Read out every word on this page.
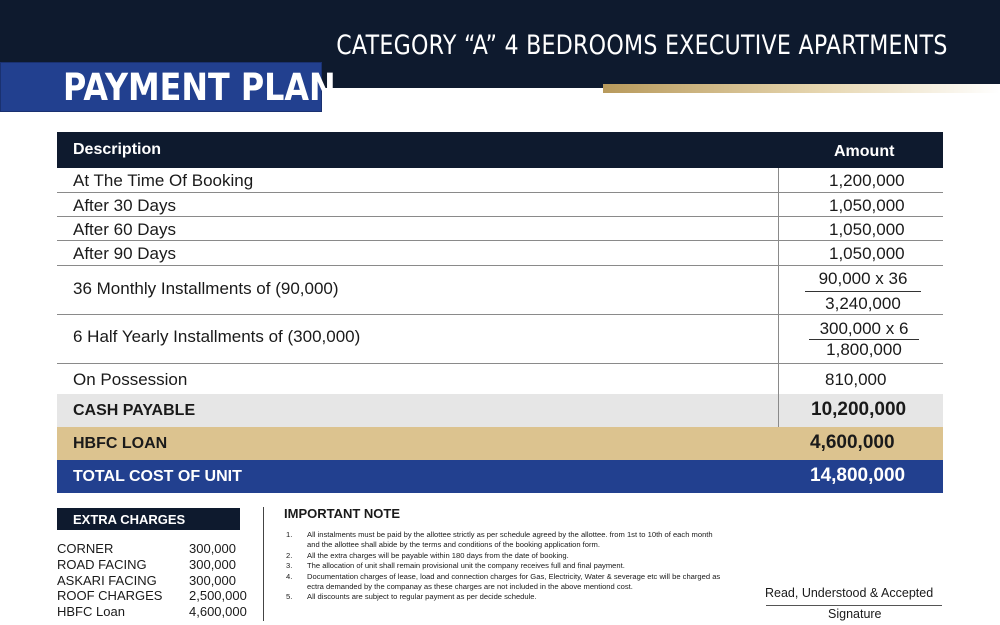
CATEGORY “A” 4 BEDROOMS EXECUTIVE APARTMENTS
PAYMENT PLAN
Description	Amount
At The Time Of Booking	1,200,000
After 30 Days	1,050,000
After 60 Days	1,050,000
After 90 Days	1,050,000
36 Monthly Installments of (90,000)	$\frac{90,000 x 36}{3,240,000}$
6 Half Yearly Installments of (300,000)	$\frac{300,000 x 6}{1,800,000}$
On Possession	810,000
CASH PAYABLE	10,200,000
HBFC LOAN	4,600,000
TOTAL COST OF UNIT	14,800,000
EXTRA CHARGES
CORNER	300,000
ROAD FACING	300,000
ASKARI FACING 300,000
ROOF CHARGES 2,500,000
HBFC Loan	4,600,000
IMPORTANT NOTE
1. All instalments must be paid by the allottee strictly as per schedule agreed by the allottee. from 1st to 10th of each month and the allottee shall abide by the terms and conditions of the booking application form.
2. All the extra charges will be payable within 180 days from the date of booking.
3. The allocation of unit shall remain provisional unit the company receives full and final payment.
4. Documentation charges of lease, load and connection charges for Gas, Electricity, Water & severage etc will be charged as ectra demanded by the companay as these charges are not included in the above mentiond cost.
5. All discounts are subject to regular payment as per decide schedule.	Read, Understood & Accepted
Signature
